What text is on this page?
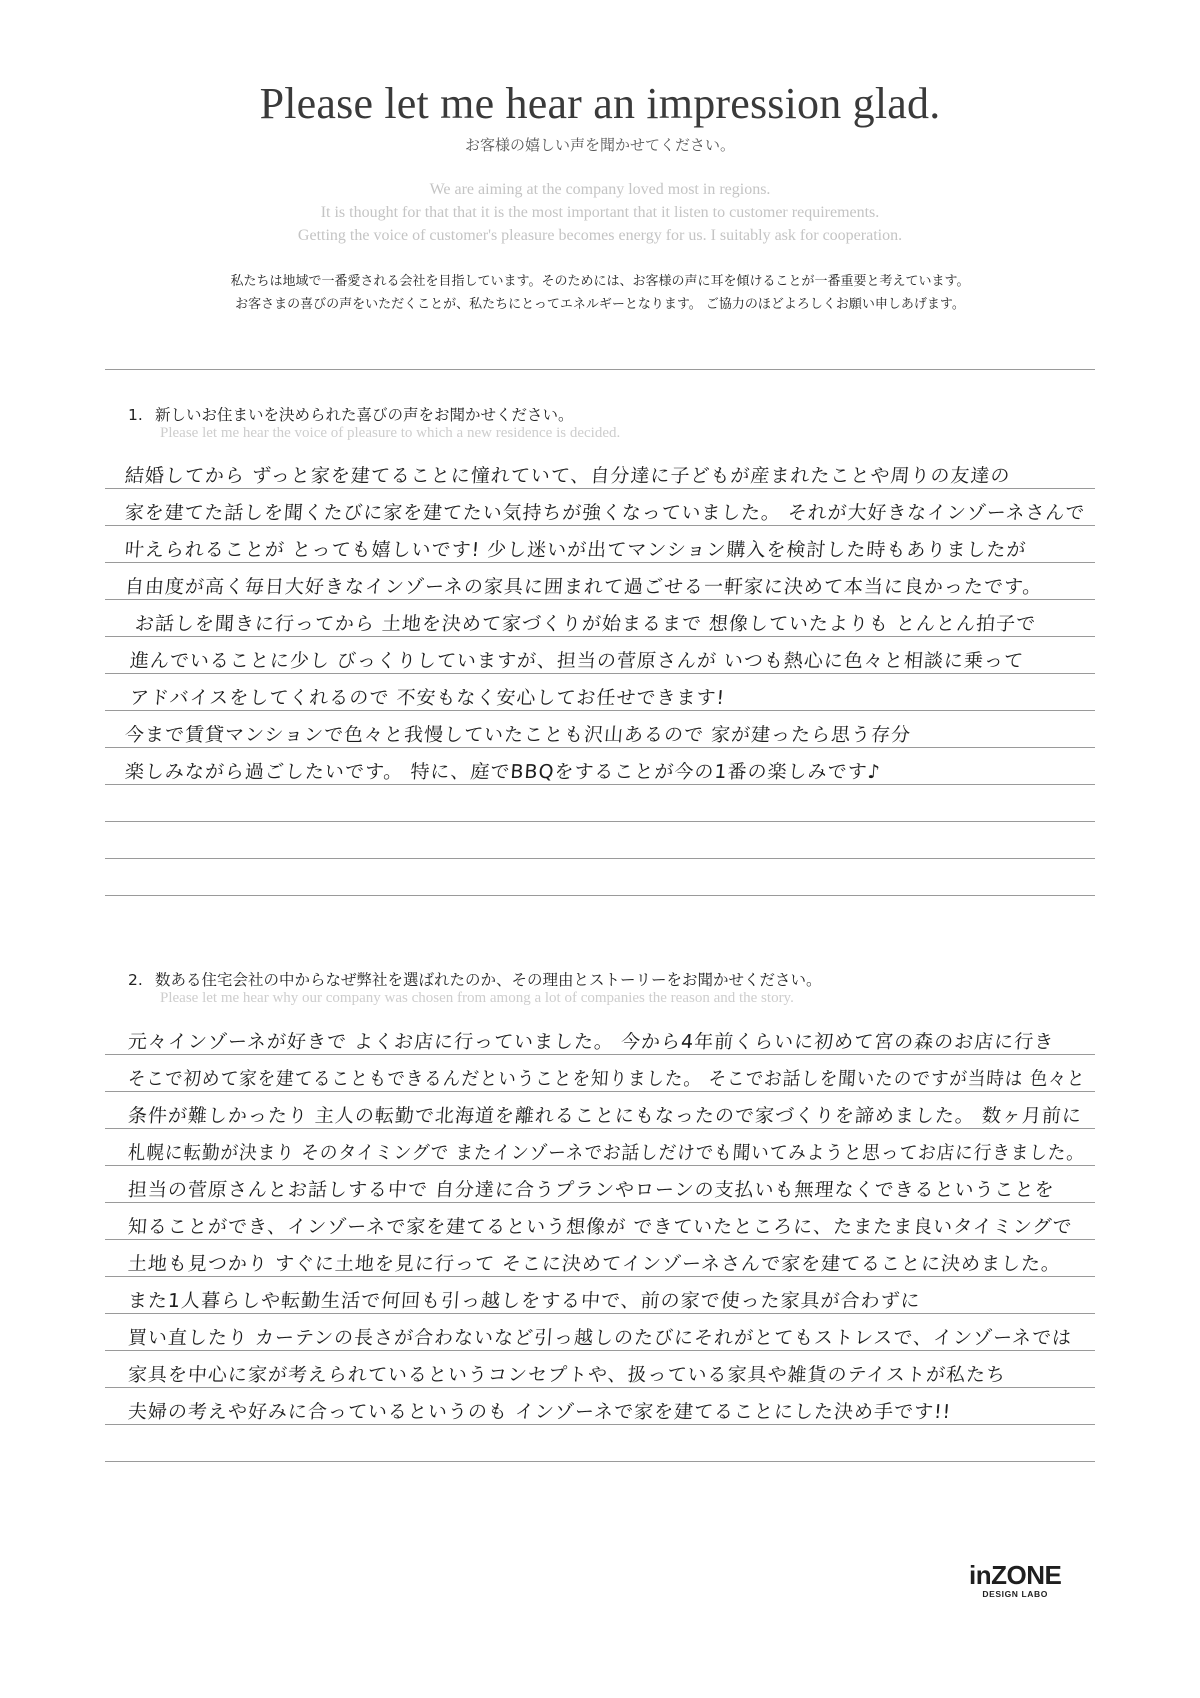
Please let me hear an impression glad.
お客様の嬉しい声を聞かせてください。
We are aiming at the company loved most in regions.
It is thought for that that it is the most important that it listen to customer requirements.
Getting the voice of customer's pleasure becomes energy for us. I suitably ask for cooperation.
私たちは地域で一番愛される会社を目指しています。そのためには、お客様の声に耳を傾けることが一番重要と考えています。
お客さまの喜びの声をいただくことが、私たちにとってエネルギーとなります。 ご協力のほどよろしくお願い申しあげます。
1. 新しいお住まいを決められた喜びの声をお聞かせください。
Please let me hear the voice of pleasure to which a new residence is decided.
結婚してから ずっと家を建てることに憧れていて、自分達に子どもが産まれたことや周りの友達の
家を建てた話しを聞くたびに家を建てたい気持ちが強くなっていました。 それが大好きなインゾーネさんで
叶えられることが とっても嬉しいです! 少し迷いが出てマンション購入を検討した時もありましたが
自由度が高く毎日大好きなインゾーネの家具に囲まれて過ごせる一軒家に決めて本当に良かったです。
お話しを聞きに行ってから 土地を決めて家づくりが始まるまで 想像していたよりも とんとん拍子で
進んでいることに少し びっくりしていますが、担当の菅原さんが いつも熱心に色々と相談に乗って
アドバイスをしてくれるので 不安もなく安心してお任せできます!
今まで賃貸マンションで色々と我慢していたことも沢山あるので 家が建ったら思う存分
楽しみながら過ごしたいです。 特に、庭でBBQをすることが今の1番の楽しみです♪
2. 数ある住宅会社の中からなぜ弊社を選ばれたのか、その理由とストーリーをお聞かせください。
Please let me hear why our company was chosen from among a lot of companies the reason and the story.
元々インゾーネが好きで よくお店に行っていました。 今から4年前くらいに初めて宮の森のお店に行き
そこで初めて家を建てることもできるんだということを知りました。 そこでお話しを聞いたのですが当時は 色々と
条件が難しかったり 主人の転勤で北海道を離れることにもなったので家づくりを諦めました。 数ヶ月前に
札幌に転勤が決まり そのタイミングで またインゾーネでお話しだけでも聞いてみようと思ってお店に行きました。
担当の菅原さんとお話しする中で 自分達に合うプランやローンの支払いも無理なくできるということを
知ることができ、インゾーネで家を建てるという想像が できていたところに、たまたま良いタイミングで
土地も見つかり すぐに土地を見に行って そこに決めてインゾーネさんで家を建てることに決めました。
また1人暮らしや転勤生活で何回も引っ越しをする中で、前の家で使った家具が合わずに
買い直したり カーテンの長さが合わないなど引っ越しのたびにそれがとてもストレスで、インゾーネでは
家具を中心に家が考えられているというコンセプトや、扱っている家具や雑貨のテイストが私たち
夫婦の考えや好みに合っているというのも インゾーネで家を建てることにした決め手です!!
inZONE
DESIGN LABO
